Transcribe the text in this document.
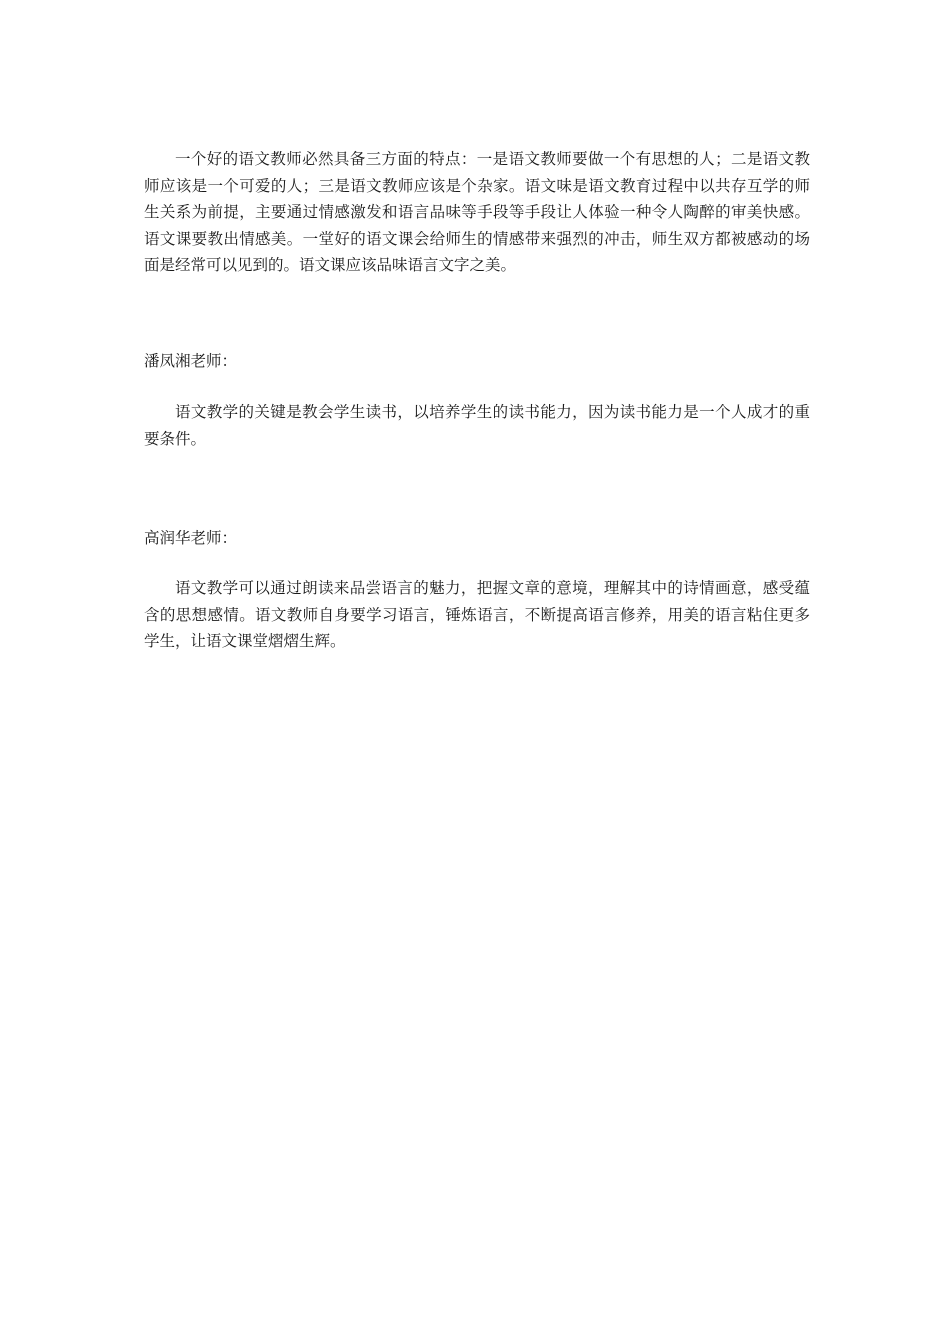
一个好的语文教师必然具备三方面的特点：一是语文教师要做一个有思想的人；二是语文教师应该是一个可爱的人；三是语文教师应该是个杂家。语文味是语文教育过程中以共存互学的师生关系为前提，主要通过情感激发和语言品味等手段等手段让人体验一种令人陶醉的审美快感。语文课要教出情感美。一堂好的语文课会给师生的情感带来强烈的冲击，师生双方都被感动的场面是经常可以见到的。语文课应该品味语言文字之美。

潘凤湘老师：

语文教学的关键是教会学生读书，以培养学生的读书能力，因为读书能力是一个人成才的重要条件。

高润华老师：

语文教学可以通过朗读来品尝语言的魅力，把握文章的意境，理解其中的诗情画意，感受蕴含的思想感情。语文教师自身要学习语言，锤炼语言，不断提高语言修养，用美的语言粘住更多学生，让语文课堂熠熠生辉。
